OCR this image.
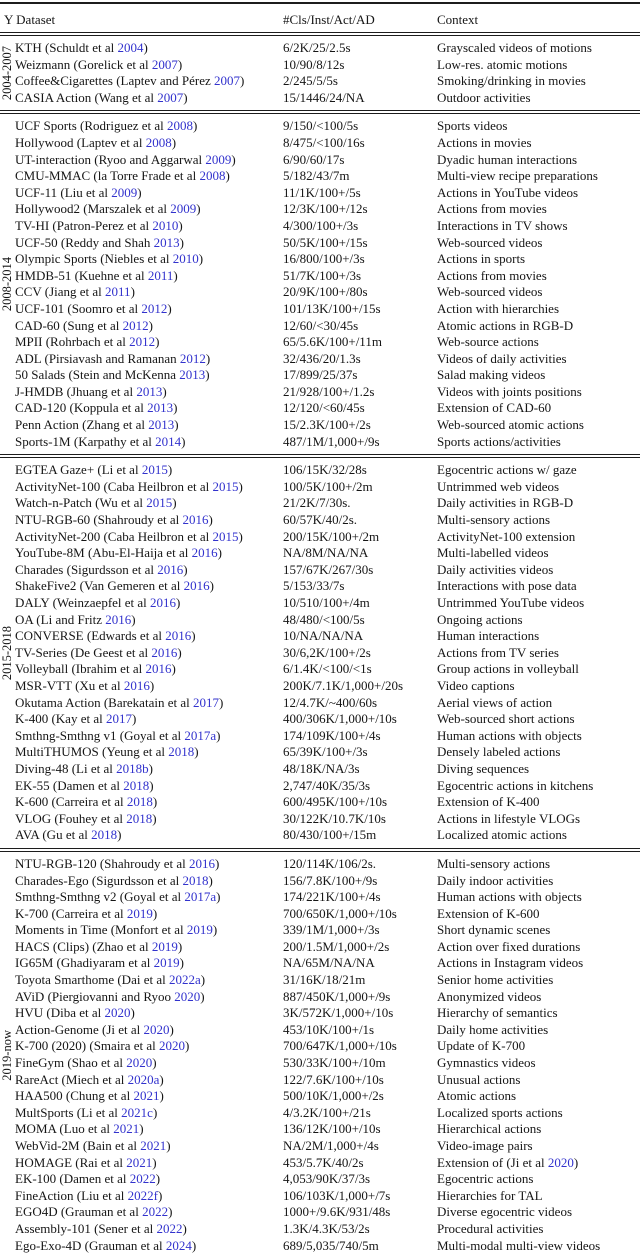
Y Dataset	#Cls/Inst/Act/AD	Context
2004-2007 KTH (Schuldt et al 2004)	6/2K/25/2.5s	Grayscaled videos of motions
Weizmann (Gorelick et al 2007)	10/90/8/12s	Low-res. atomic motions
Coffee&Cigarettes (Laptev and Pérez 2007)	2/245/5/5s	Smoking/drinking in movies
CASIA Action (Wang et al 2007)	15/1446/24/NA	Outdoor activities
2008-2014
UCF Sports (Rodriguez et al 2008)	9/150/<100/5s	Sports videos
Hollywood (Laptev et al 2008)	8/475/<100/16s	Actions in movies
UT-interaction (Ryoo and Aggarwal 2009)	6/90/60/17s	Dyadic human interactions
CMU-MMAC (la Torre Frade et al 2008)	5/182/43/7m	Multi-view recipe preparations
UCF-11 (Liu et al 2009)	11/1K/100+/5s	Actions in YouTube videos
Hollywood2 (Marszalek et al 2009)	12/3K/100+/12s	Actions from movies
TV-HI (Patron-Perez et al 2010)	4/300/100+/3s	Interactions in TV shows
UCF-50 (Reddy and Shah 2013)	50/5K/100+/15s	Web-sourced videos
Olympic Sports (Niebles et al 2010)	16/800/100+/3s	Actions in sports
HMDB-51 (Kuehne et al 2011)	51/7K/100+/3s	Actions from movies
CCV (Jiang et al 2011)	20/9K/100+/80s	Web-sourced videos
UCF-101 (Soomro et al 2012)	101/13K/100+/15s	Action with hierarchies
CAD-60 (Sung et al 2012)	12/60/<30/45s	Atomic actions in RGB-D
MPII (Rohrbach et al 2012)	65/5.6K/100+/11m	Web-source actions
ADL (Pirsiavash and Ramanan 2012)	32/436/20/1.3s	Videos of daily activities
50 Salads (Stein and McKenna 2013)	17/899/25/37s	Salad making videos
J-HMDB (Jhuang et al 2013)	21/928/100+/1.2s	Videos with joints positions
CAD-120 (Koppula et al 2013)	12/120/<60/45s	Extension of CAD-60
Penn Action (Zhang et al 2013)	15/2.3K/100+/2s	Web-sourced atomic actions
Sports-1M (Karpathy et al 2014)	487/1M/1,000+/9s	Sports actions/activities
2015-2018
EGTEA Gaze+ (Li et al 2015)	106/15K/32/28s	Egocentric actions w/ gaze
ActivityNet-100 (Caba Heilbron et al 2015)	100/5K/100+/2m	Untrimmed web videos
Watch-n-Patch (Wu et al 2015)	21/2K/7/30s.	Daily activities in RGB-D
NTU-RGB-60 (Shahroudy et al 2016)	60/57K/40/2s.	Multi-sensory actions
ActivityNet-200 (Caba Heilbron et al 2015)	200/15K/100+/2m	ActivityNet-100 extension
YouTube-8M (Abu-El-Haija et al 2016)	NA/8M/NA/NA	Multi-labelled videos
Charades (Sigurdsson et al 2016)	157/67K/267/30s	Daily activities videos
ShakeFive2 (Van Gemeren et al 2016)	5/153/33/7s	Interactions with pose data
DALY (Weinzaepfel et al 2016)	10/510/100+/4m	Untrimmed YouTube videos
OA (Li and Fritz 2016)	48/480/<100/5s	Ongoing actions
CONVERSE (Edwards et al 2016)	10/NA/NA/NA	Human interactions
TV-Series (De Geest et al 2016)	30/6,2K/100+/2s	Actions from TV series
Volleyball (Ibrahim et al 2016)	6/1.4K/<100/<1s	Group actions in volleyball
MSR-VTT (Xu et al 2016)	200K/7.1K/1,000+/20s	Video captions
Okutama Action (Barekatain et al 2017)	12/4.7K/~400/60s	Aerial views of action
K-400 (Kay et al 2017)	400/306K/1,000+/10s	Web-sourced short actions
Smthng-Smthng v1 (Goyal et al 2017a)	174/109K/100+/4s	Human actions with objects
MultiTHUMOS (Yeung et al 2018)	65/39K/100+/3s	Densely labeled actions
Diving-48 (Li et al 2018b)	48/18K/NA/3s	Diving sequences
EK-55 (Damen et al 2018)	2,747/40K/35/3s	Egocentric actions in kitchens
K-600 (Carreira et al 2018)	600/495K/100+/10s	Extension of K-400
VLOG (Fouhey et al 2018)	30/122K/10.7K/10s	Actions in lifestyle VLOGs
AVA (Gu et al 2018)	80/430/100+/15m	Localized atomic actions
2019-now
NTU-RGB-120 (Shahroudy et al 2016)	120/114K/106/2s.	Multi-sensory actions
Charades-Ego (Sigurdsson et al 2018)	156/7.8K/100+/9s	Daily indoor activities
Smthng-Smthng v2 (Goyal et al 2017a)	174/221K/100+/4s	Human actions with objects
K-700 (Carreira et al 2019)	700/650K/1,000+/10s	Extension of K-600
Moments in Time (Monfort et al 2019)	339/1M/1,000+/3s	Short dynamic scenes
HACS (Clips) (Zhao et al 2019)	200/1.5M/1,000+/2s	Action over fixed durations
IG65M (Ghadiyaram et al 2019)	NA/65M/NA/NA	Actions in Instagram videos
Toyota Smarthome (Dai et al 2022a)	31/16K/18/21m	Senior home activities
AViD (Piergiovanni and Ryoo 2020)	887/450K/1,000+/9s	Anonymized videos
HVU (Diba et al 2020)	3K/572K/1,000+/10s	Hierarchy of semantics
Action-Genome (Ji et al 2020)	453/10K/100+/1s	Daily home activities
K-700 (2020) (Smaira et al 2020)	700/647K/1,000+/10s	Update of K-700
FineGym (Shao et al 2020)	530/33K/100+/10m	Gymnastics videos
RareAct (Miech et al 2020a)	122/7.6K/100+/10s	Unusual actions
HAA500 (Chung et al 2021)	500/10K/1,000+/2s	Atomic actions
MultSports (Li et al 2021c)	4/3.2K/100+/21s	Localized sports actions
MOMA (Luo et al 2021)	136/12K/100+/10s	Hierarchical actions
WebVid-2M (Bain et al 2021)	NA/2M/1,000+/4s	Video-image pairs
HOMAGE (Rai et al 2021)	453/5.7K/40/2s	Extension of (Ji et al 2020)
EK-100 (Damen et al 2022)	4,053/90K/37/3s	Egocentric actions
FineAction (Liu et al 2022f)	106/103K/1,000+/7s	Hierarchies for TAL
EGO4D (Grauman et al 2022)	1000+/9.6K/931/48s	Diverse egocentric videos
Assembly-101 (Sener et al 2022)	1.3K/4.3K/53/2s	Procedural activities
Ego-Exo-4D (Grauman et al 2024)	689/5,035/740/5m	Multi-modal multi-view videos
